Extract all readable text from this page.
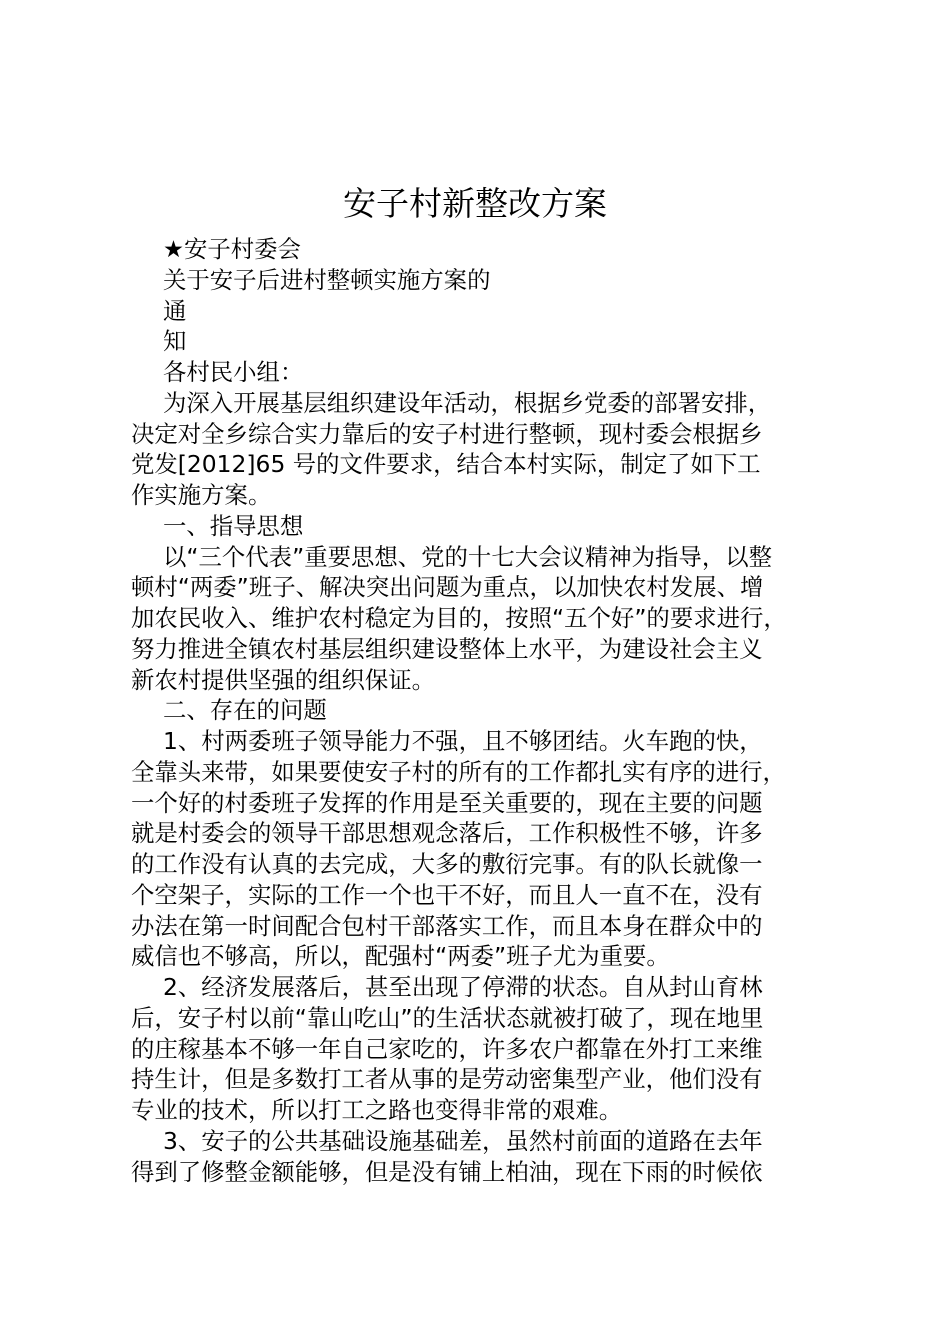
安子村新整改方案
★安子村委会
关于安子后进村整顿实施方案的
通
知
各村民小组：
为深入开展基层组织建设年活动，根据乡党委的部署安排，
决定对全乡综合实力靠后的安子村进行整顿，现村委会根据乡
党发[2012]65 号的文件要求，结合本村实际，制定了如下工
作实施方案。
一、指导思想
以“三个代表”重要思想、党的十七大会议精神为指导，以整
顿村“两委”班子、解决突出问题为重点，以加快农村发展、增
加农民收入、维护农村稳定为目的，按照“五个好”的要求进行，
努力推进全镇农村基层组织建设整体上水平，为建设社会主义
新农村提供坚强的组织保证。
二、存在的问题
1、村两委班子领导能力不强，且不够团结。火车跑的快，
全靠头来带，如果要使安子村的所有的工作都扎实有序的进行，
一个好的村委班子发挥的作用是至关重要的，现在主要的问题
就是村委会的领导干部思想观念落后，工作积极性不够，许多
的工作没有认真的去完成，大多的敷衍完事。有的队长就像一
个空架子，实际的工作一个也干不好，而且人一直不在，没有
办法在第一时间配合包村干部落实工作，而且本身在群众中的
威信也不够高，所以，配强村“两委”班子尤为重要。
2、经济发展落后，甚至出现了停滞的状态。自从封山育林
后，安子村以前“靠山吃山”的生活状态就被打破了，现在地里
的庄稼基本不够一年自己家吃的，许多农户都靠在外打工来维
持生计，但是多数打工者从事的是劳动密集型产业，他们没有
专业的技术，所以打工之路也变得非常的艰难。
3、安子的公共基础设施基础差，虽然村前面的道路在去年
得到了修整金额能够，但是没有铺上柏油，现在下雨的时候依
